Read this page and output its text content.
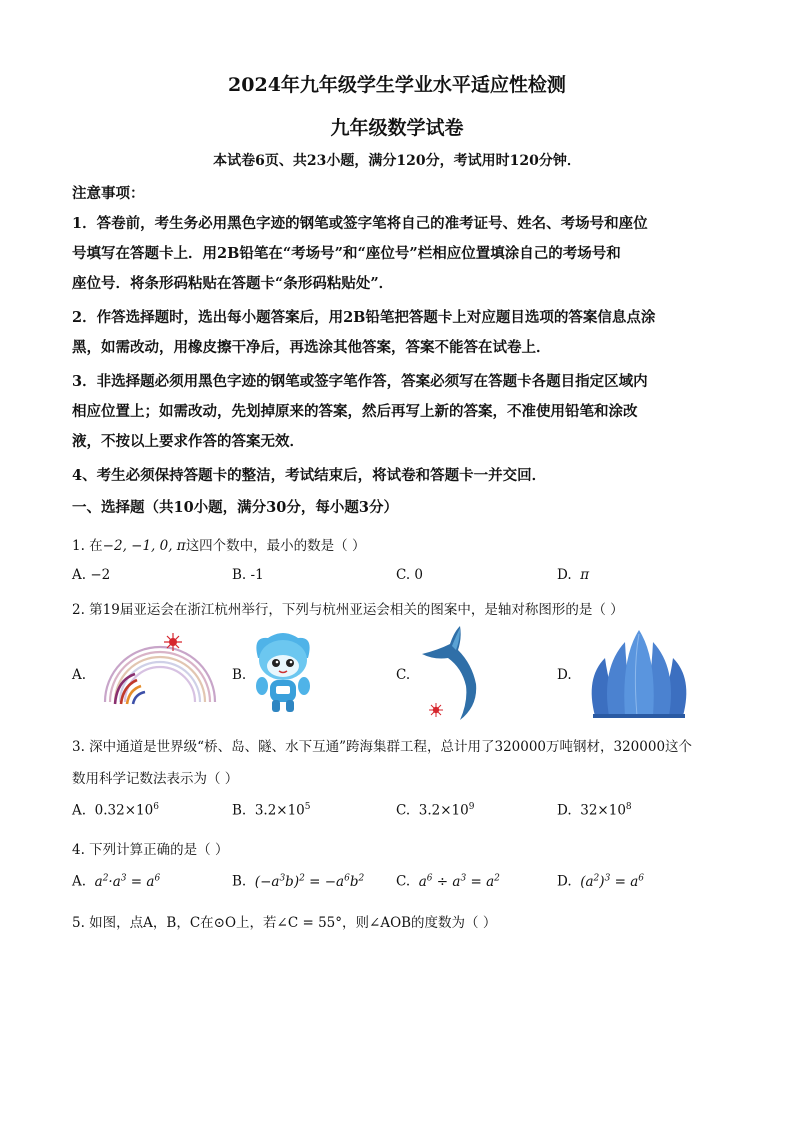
2024年九年级学生学业水平适应性检测
九年级数学试卷
本试卷6页、共23小题，满分120分，考试用时120分钟．
注意事项：
1．答卷前，考生务必用黑色字迹的钢笔或签字笔将自己的准考证号、姓名、考场号和座位
号填写在答题卡上．用2B铅笔在“考场号”和“座位号”栏相应位置填涂自己的考场号和
座位号．将条形码粘贴在答题卡“条形码粘贴处”．
2．作答选择题时，选出每小题答案后，用2B铅笔把答题卡上对应题目选项的答案信息点涂
黑，如需改动，用橡皮擦干净后，再选涂其他答案，答案不能答在试卷上．
3．非选择题必须用黑色字迹的钢笔或签字笔作答，答案必须写在答题卡各题目指定区域内
相应位置上；如需改动，先划掉原来的答案，然后再写上新的答案，不准使用铅笔和涂改
液，不按以上要求作答的答案无效．
4、考生必须保持答题卡的整洁，考试结束后，将试卷和答题卡一并交回．
一、选择题（共10小题，满分30分，每小题3分）
1. 在−2, −1, 0, π这四个数中，最小的数是（ ）
A. −2	B. -1	C. 0	D. π
2. 第19届亚运会在浙江杭州举行，下列与杭州亚运会相关的图案中，是轴对称图形的是（ ）
A.	B.	C.	D.
3. 深中通道是世界级“桥、岛、隧、水下互通”跨海集群工程，总计用了320000万吨钢材，320000这个
数用科学记数法表示为（ ）
A. $0.32\times 10^6$	B. $3.2\times 10^5$	C. $3.2\times 10^9$	D. $32\times 10^8$
4. 下列计算正确的是（ ）
A.  $a^2\cdot a^3 = a^6$	B.  $(-a^3b)^2 = -a^6b^2$ C.  $a^6 \div a^3 = a^2$	D.  $(a^2)^3 = a^6$
5. 如图，点A，B，C在⊙O上，若∠C = 55°，则∠AOB的度数为（ ）
